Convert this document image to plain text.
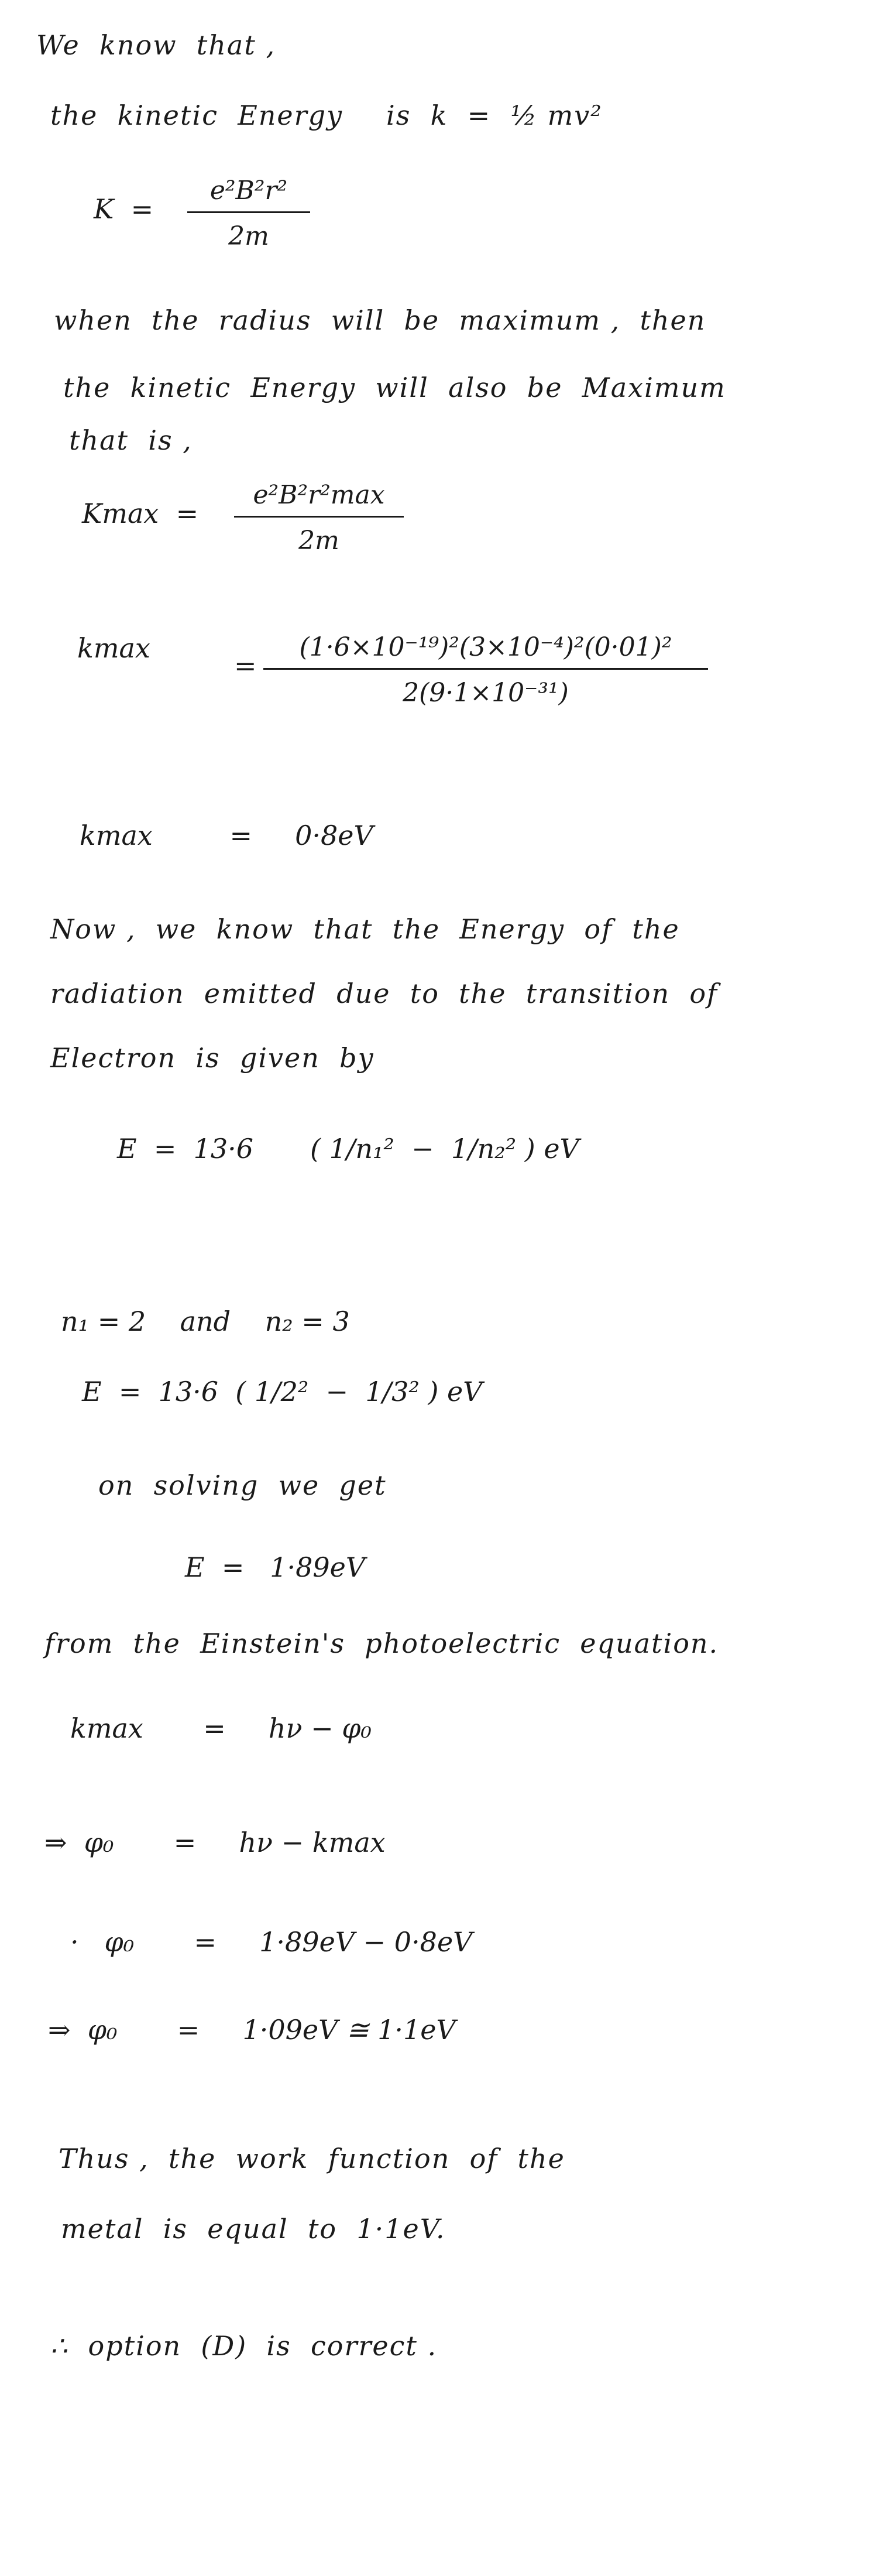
We  know  that ,
the  kinetic  Energy is  k  =  ½ mv²
K  =
e²B²r²
2m
when  the  radius  will  be  maximum ,  then
the  kinetic  Energy  will  also  be  Maximum
that  is ,
Kmax  =
e²B²r²max
2m
kmax
=
(1·6×10⁻¹⁹)²(3×10⁻⁴)²(0·01)²
2(9·1×10⁻³¹)
kmax         =     0·8eV
Now ,  we  know  that  the  Energy  of  the
radiation  emitted  due  to  the  transition  of
Electron  is  given  by
E  =  13·6 ( 1/n₁²  −  1/n₂² ) eV
n₁ = 2    and    n₂ = 3
E  =  13·6  ( 1/2²  −  1/3² ) eV
on  solving  we  get
E  =   1·89eV
from  the  Einstein's  photoelectric  equation.
kmax       =     hν − φ₀
⇒  φ₀       =     hν − kmax
·   φ₀       =     1·89eV − 0·8eV
⇒  φ₀       =     1·09eV ≅ 1·1eV
Thus ,  the  work  function  of  the
metal  is  equal  to  1·1eV.
∴  option  (D)  is  correct .
